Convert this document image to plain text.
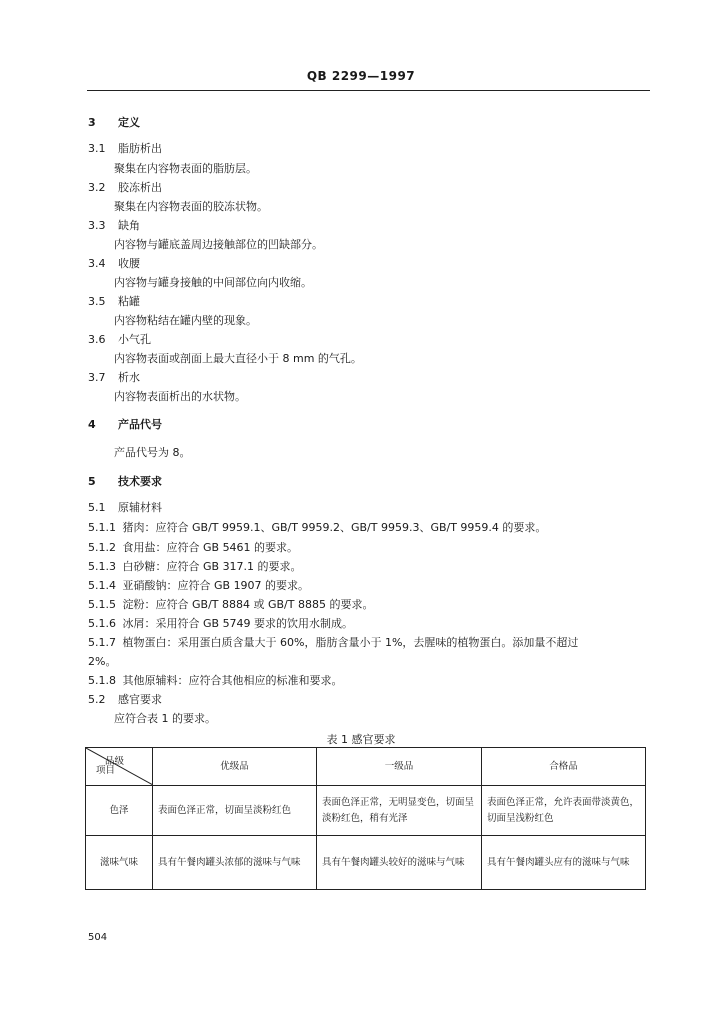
QB 2299—1997
3 定义
3.1 脂肪析出
聚集在内容物表面的脂肪层。
3.2 胶冻析出
聚集在内容物表面的胶冻状物。
3.3 缺角
内容物与罐底盖周边接触部位的凹缺部分。
3.4 收腰
内容物与罐身接触的中间部位向内收缩。
3.5 粘罐
内容物粘结在罐内壁的现象。
3.6 小气孔
内容物表面或剖面上最大直径小于 8 mm 的气孔。
3.7 析水
内容物表面析出的水状物。
4 产品代号
产品代号为 8。
5 技术要求
5.1 原辅材料
5.1.1 猪肉：应符合 GB/T 9959.1、GB/T 9959.2、GB/T 9959.3、GB/T 9959.4 的要求。
5.1.2 食用盐：应符合 GB 5461 的要求。
5.1.3 白砂糖：应符合 GB 317.1 的要求。
5.1.4 亚硝酸钠：应符合 GB 1907 的要求。
5.1.5 淀粉：应符合 GB/T 8884 或 GB/T 8885 的要求。
5.1.6 冰屑：采用符合 GB 5749 要求的饮用水制成。
5.1.7 植物蛋白：采用蛋白质含量大于 60%，脂肪含量小于 1%，去腥味的植物蛋白。添加量不超过
2%。
5.1.8 其他原辅料：应符合其他相应的标准和要求。
5.2 感官要求
应符合表 1 的要求。
表 1 感官要求
品级
项目	优级品	一级品	合格品
色泽	表面色泽正常，切面呈淡粉红色	表面色泽正常，无明显变色，切面呈淡粉红色，稍有光泽	表面色泽正常，允许表面带淡黄色，切面呈浅粉红色
滋味气味	具有午餐肉罐头浓郁的滋味与气味	具有午餐肉罐头较好的滋味与气味	具有午餐肉罐头应有的滋味与气味
504
